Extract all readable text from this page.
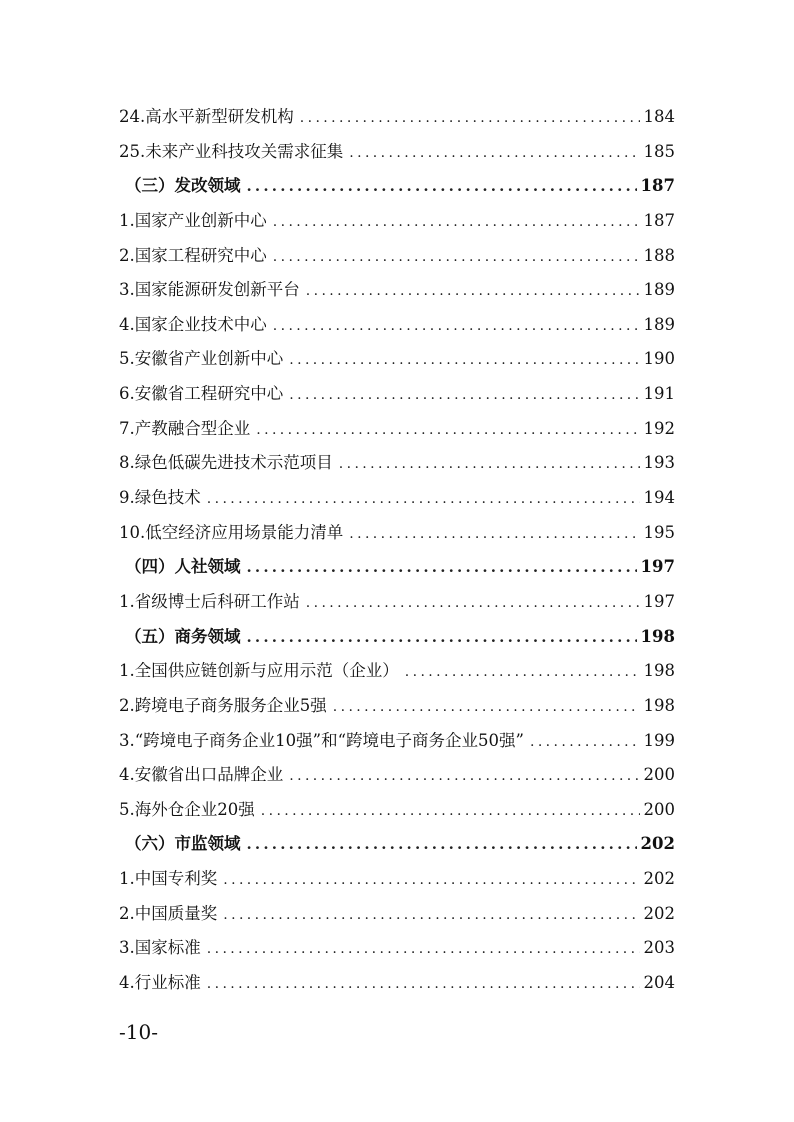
24.高水平新型研发机构 .....	184
25.未来产业科技攻关需求征集 .....	185
（三）发改领域 .....	187
1.国家产业创新中心 .....	187
2.国家工程研究中心 .....	188
3.国家能源研发创新平台 .....	189
4.国家企业技术中心 .....	189
5.安徽省产业创新中心 .....	190
6.安徽省工程研究中心 .....	191
7.产教融合型企业 .....	192
8.绿色低碳先进技术示范项目 .....	193
9.绿色技术 .....	194
10.低空经济应用场景能力清单 .....	195
（四）人社领域 .....	197
1.省级博士后科研工作站 .....	197
（五）商务领域 .....	198
1.全国供应链创新与应用示范（企业） .....	198
2.跨境电子商务服务企业5强 .....	198
3.“跨境电子商务企业10强”和“跨境电子商务企业50强” .....	199
4.安徽省出口品牌企业 .....	200
5.海外仓企业20强 .....	200
（六）市监领域 .....	202
1.中国专利奖 .....	202
2.中国质量奖 .....	202
3.国家标准 .....	203
4.行业标准 .....	204
-10-
